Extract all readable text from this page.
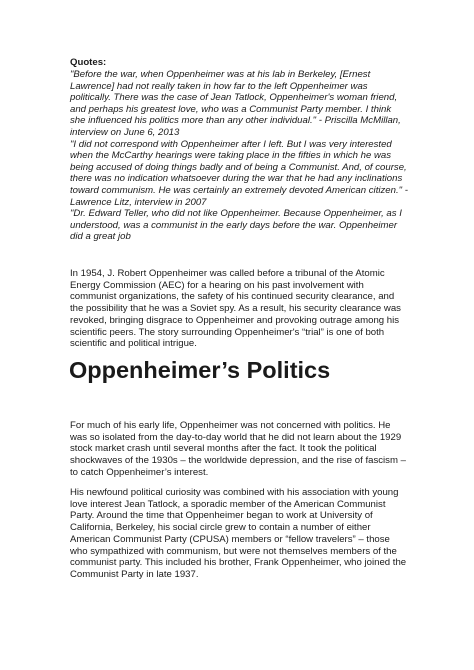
Quotes:

"Before the war, when Oppenheimer was at his lab in Berkeley, [Ernest Lawrence] had not really taken in how far to the left Oppenheimer was politically. There was the case of Jean Tatlock, Oppenheimer's woman friend, and perhaps his greatest love, who was a Communist Party member. I think she influenced his politics more than any other individual." - Priscilla McMillan, interview on June 6, 2013

"I did not correspond with Oppenheimer after I left. But I was very interested when the McCarthy hearings were taking place in the fifties in which he was being accused of doing things badly and of being a Communist. And, of course, there was no indication whatsoever during the war that he had any inclinations toward communism. He was certainly an extremely devoted American citizen." - Lawrence Litz, interview in 2007

"Dr. Edward Teller, who did not like Oppenheimer. Because Oppenheimer, as I understood, was a communist in the early days before the war. Oppenheimer did a great job

In 1954, J. Robert Oppenheimer was called before a tribunal of the Atomic Energy Commission (AEC) for a hearing on his past involvement with communist organizations, the safety of his continued security clearance, and the possibility that he was a Soviet spy. As a result, his security clearance was revoked, bringing disgrace to Oppenheimer and provoking outrage among his scientific peers. The story surrounding Oppenheimer's “trial” is one of both scientific and political intrigue.

Oppenheimer’s Politics

For much of his early life, Oppenheimer was not concerned with politics. He was so isolated from the day-to-day world that he did not learn about the 1929 stock market crash until several months after the fact. It took the political shockwaves of the 1930s – the worldwide depression, and the rise of fascism – to catch Oppenheimer’s interest.

His newfound political curiosity was combined with his association with young love interest Jean Tatlock, a sporadic member of the American Communist Party. Around the time that Oppenheimer began to work at University of California, Berkeley, his social circle grew to contain a number of either American Communist Party (CPUSA) members or “fellow travelers” – those who sympathized with communism, but were not themselves members of the communist party. This included his brother, Frank Oppenheimer, who joined the Communist Party in late 1937.
